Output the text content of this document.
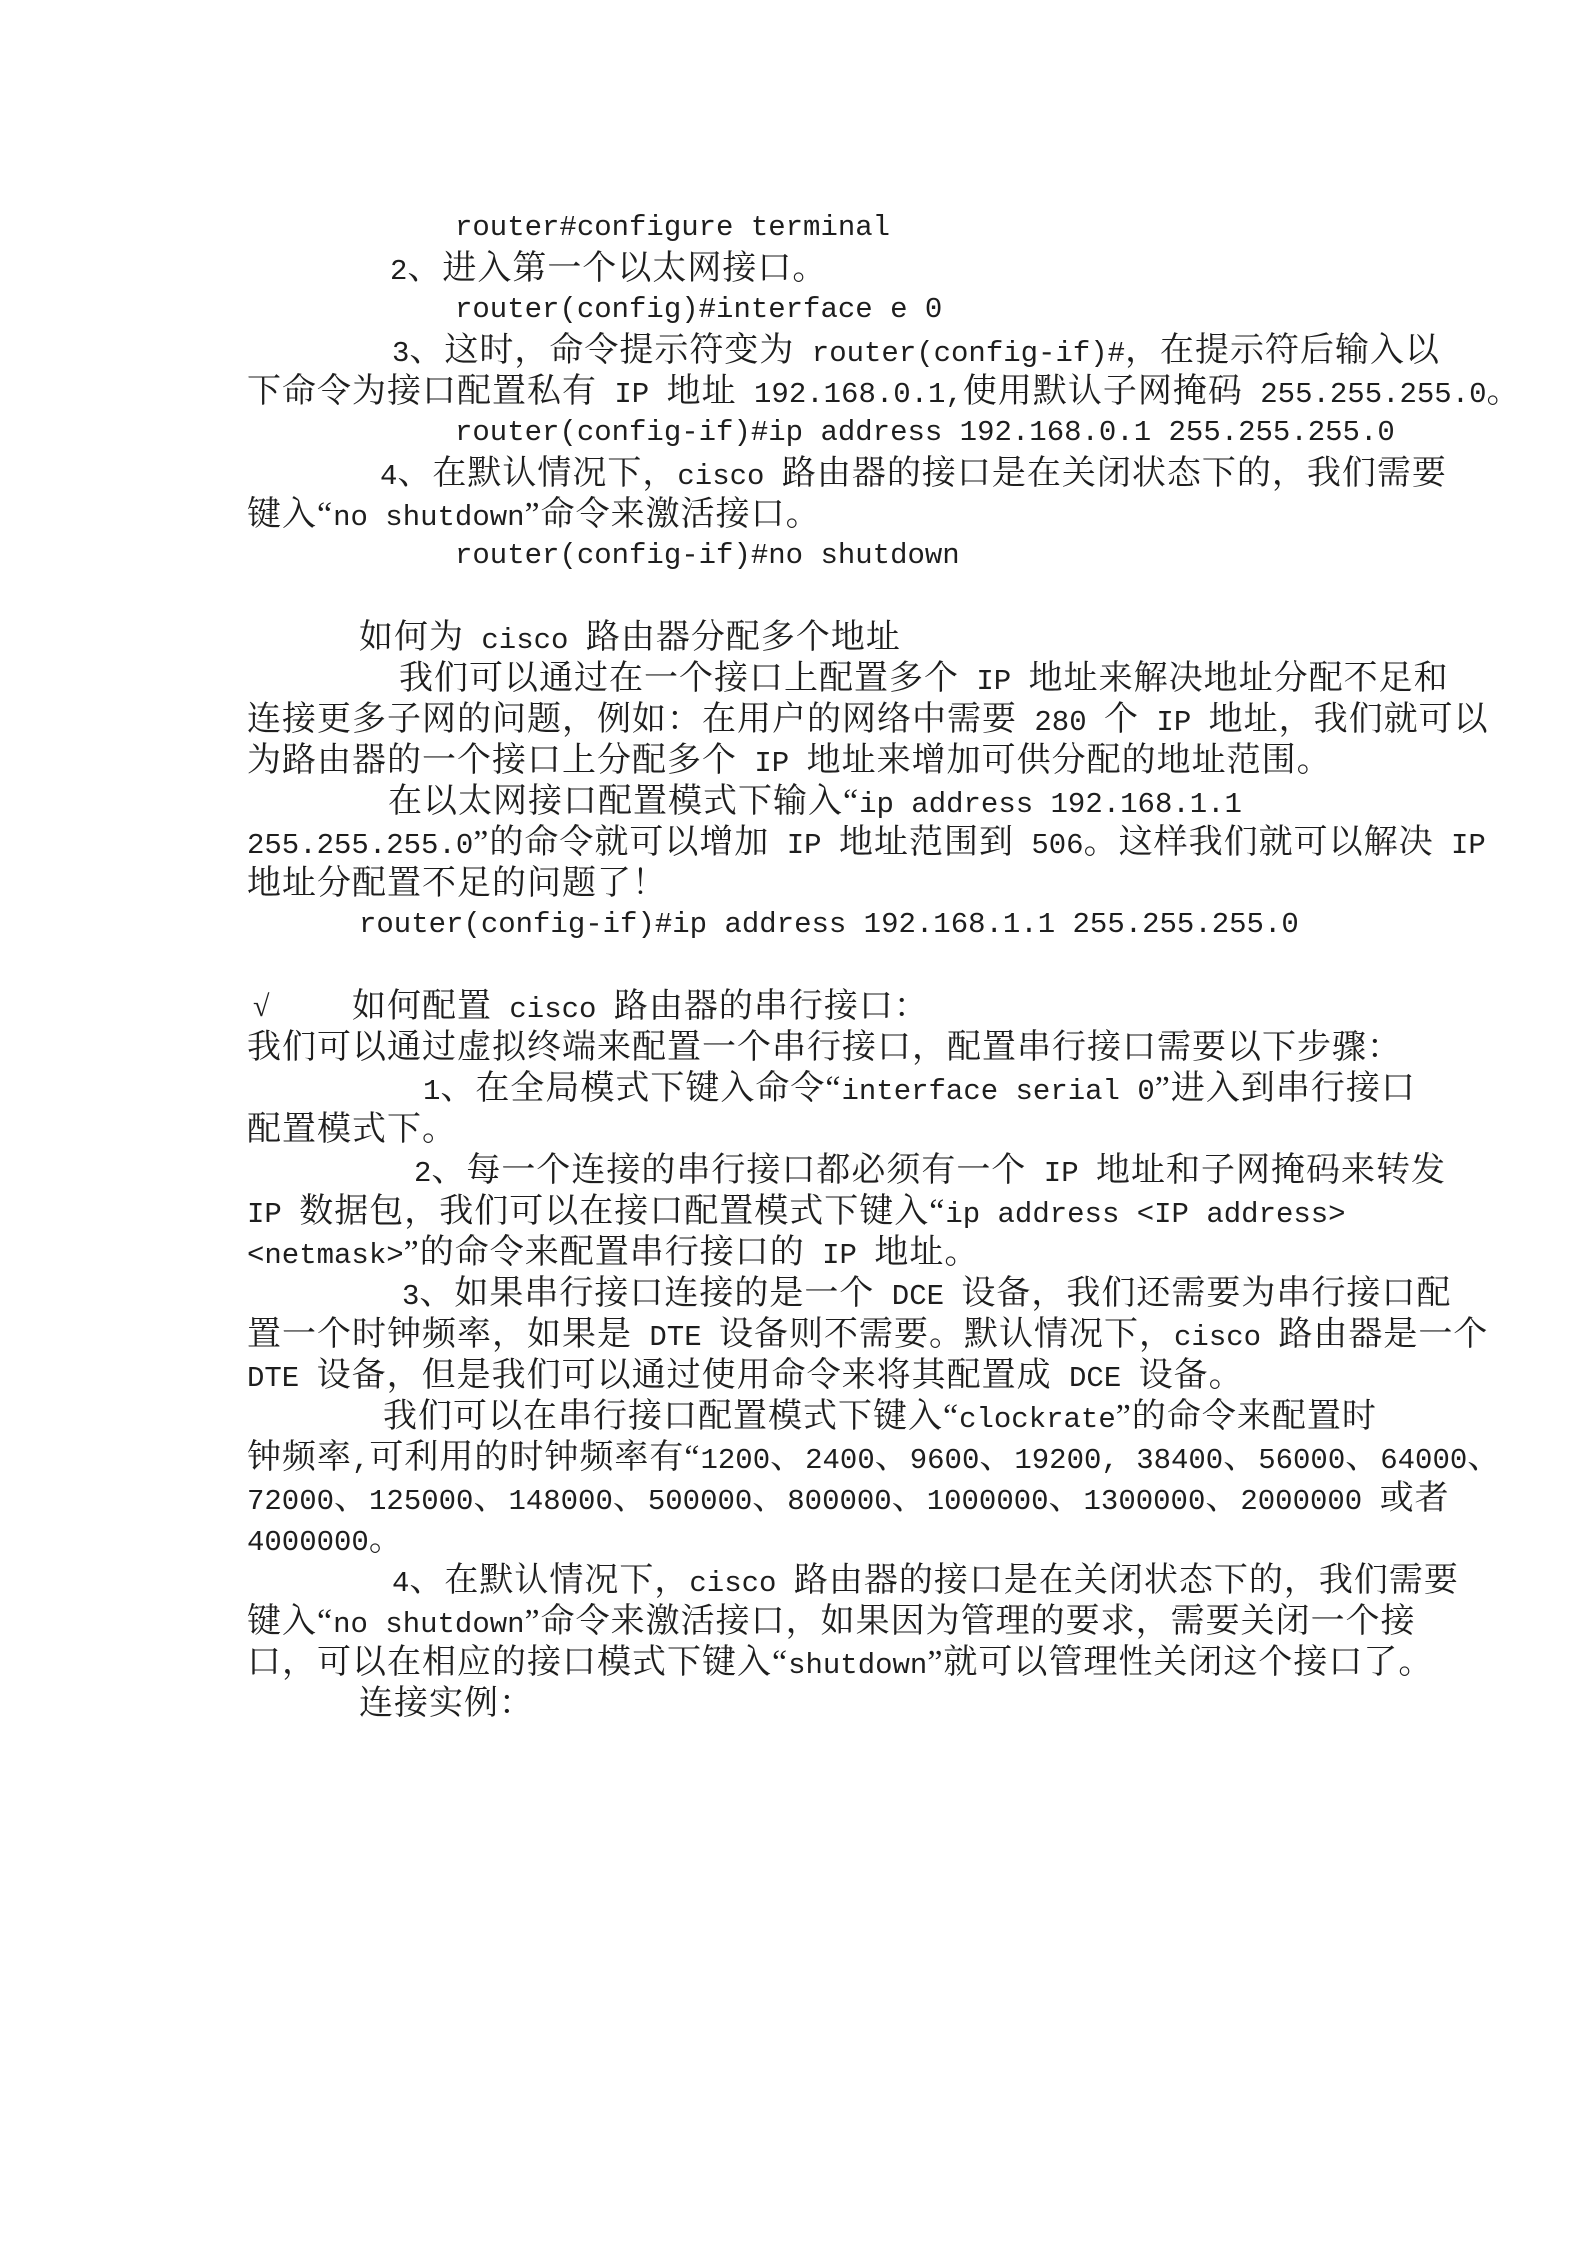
router#configure terminal
2、进入第一个以太网接口。
router(config)#interface e 0
3、这时，命令提示符变为 router(config-if)#，在提示符后输入以
下命令为接口配置私有 IP 地址 192.168.0.1,使用默认子网掩码 255.255.255.0。
router(config-if)#ip address 192.168.0.1 255.255.255.0
4、在默认情况下，cisco 路由器的接口是在关闭状态下的，我们需要
键入“no shutdown”命令来激活接口。
router(config-if)#no shutdown
如何为 cisco 路由器分配多个地址
我们可以通过在一个接口上配置多个 IP 地址来解决地址分配不足和
连接更多子网的问题，例如：在用户的网络中需要 280 个 IP 地址，我们就可以
为路由器的一个接口上分配多个 IP 地址来增加可供分配的地址范围。
在以太网接口配置模式下输入“ip address 192.168.1.1
255.255.255.0”的命令就可以增加 IP 地址范围到 506。这样我们就可以解决 IP
地址分配置不足的问题了！
router(config-if)#ip address 192.168.1.1 255.255.255.0
√ 如何配置 cisco 路由器的串行接口：
我们可以通过虚拟终端来配置一个串行接口，配置串行接口需要以下步骤：
1、在全局模式下键入命令“interface serial 0”进入到串行接口
配置模式下。
2、每一个连接的串行接口都必须有一个 IP 地址和子网掩码来转发
IP 数据包，我们可以在接口配置模式下键入“ip address <IP address>
<netmask>”的命令来配置串行接口的 IP 地址。
3、如果串行接口连接的是一个 DCE 设备，我们还需要为串行接口配
置一个时钟频率，如果是 DTE 设备则不需要。默认情况下，cisco 路由器是一个
DTE 设备，但是我们可以通过使用命令来将其配置成 DCE 设备。
我们可以在串行接口配置模式下键入“clockrate”的命令来配置时
钟频率,可利用的时钟频率有“1200、2400、9600、19200, 38400、56000、64000、
72000、125000、148000、500000、800000、1000000、1300000、2000000 或者
4000000。
4、在默认情况下，cisco 路由器的接口是在关闭状态下的，我们需要
键入“no shutdown”命令来激活接口，如果因为管理的要求，需要关闭一个接
口，可以在相应的接口模式下键入“shutdown”就可以管理性关闭这个接口了。
连接实例：
